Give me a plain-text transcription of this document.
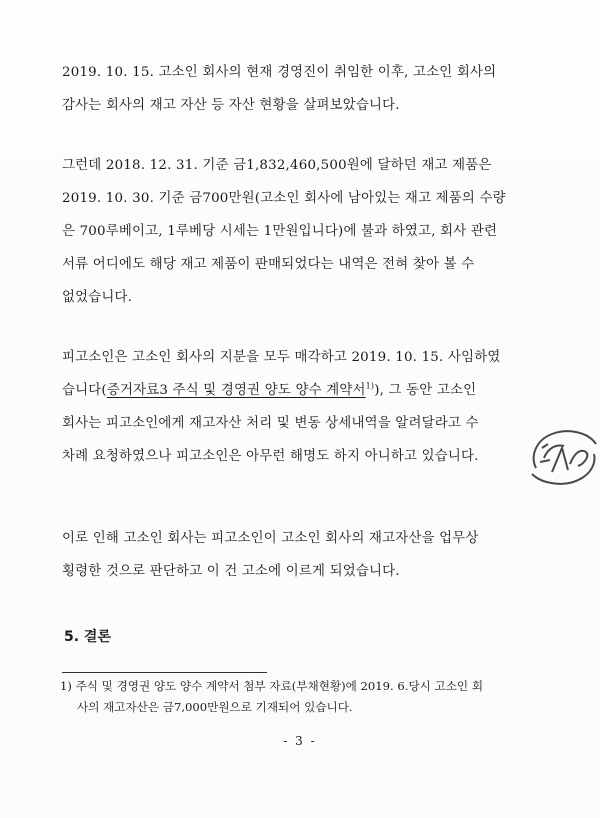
2019. 10. 15. 고소인 회사의 현재 경영진이 취임한 이후, 고소인 회사의
감사는 회사의 재고 자산 등 자산 현황을 살펴보았습니다.
그런데 2018. 12. 31. 기준 금1,832,460,500원에 달하던 재고 제품은
2019. 10. 30. 기준 금700만원(고소인 회사에 남아있는 재고 제품의 수량
은 700루베이고, 1루베당 시세는 1만원입니다)에 불과 하였고, 회사 관련
서류 어디에도 해당 재고 제품이 판매되었다는 내역은 전혀 찾아 볼 수
없었습니다.
피고소인은 고소인 회사의 지분을 모두 매각하고 2019. 10. 15. 사임하였
습니다(증거자료3 주식 및 경영권 양도 양수 계약서$^{1)}$), 그 동안 고소인
회사는 피고소인에게 재고자산 처리 및 변동 상세내역을 알려달라고 수
차례 요청하였으나 피고소인은 아무런 해명도 하지 아니하고 있습니다.
이로 인해 고소인 회사는 피고소인이 고소인 회사의 재고자산을 업무상
횡령한 것으로 판단하고 이 건 고소에 이르게 되었습니다.
5. 결론
1) 주식 및 경영권 양도 양수 계약서 첨부 자료(부채현황)에 2019. 6.당시 고소인 회
사의 재고자산은 금7,000만원으로 기재되어 있습니다.
- 3 -
